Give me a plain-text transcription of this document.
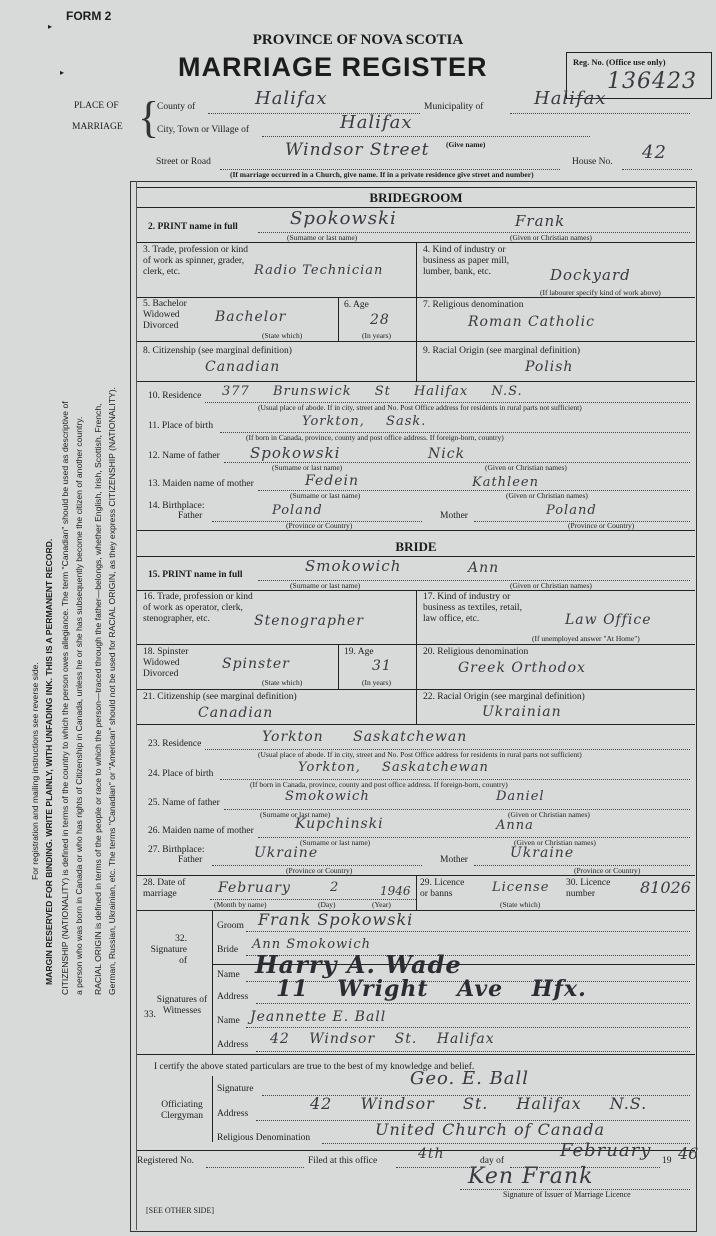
FORM 2
PROVINCE OF NOVA SCOTIA
MARRIAGE REGISTER	Reg. No. (Office use only)
136423
PLACE OF
MARRIAGE {
County of	Halifax	Municipality of	Halifax
City, Town or Village of	Halifax
(Give name)
Street or Road
Windsor Street
House No. 42
(If marriage occurred in a Church, give name. If in a private residence give street and number)
BRIDEGROOM
2. PRINT name in full	Spokowski	Frank
(Surname or last name)	(Given or Christian names)
3. Trade, profession or kind of work as spinner, grader, clerk, etc.	Radio Technician
4. Kind of industry or business as paper mill, lumber, bank, etc.	Dockyard
(If labourer specify kind of work above)
5. Bachelor Widowed Divorced
Bachelor
(State which)
6. Age
28
(In years)
7. Religious denomination
Roman Catholic
8. Citizenship (see marginal definition)
Canadian
9. Racial Origin (see marginal definition)
Polish
10. Residence 377 Brunswick St Halifax N.S.
(Usual place of abode. If in city, street and No. Post Office address for residents in rural parts not sufficient)
11. Place of birth	Yorkton, Sask.
(If born in Canada, province, county and post office address. If foreign-born, country)
12. Name of father Spokowski	Nick
(Surname or last name)	(Given or Christian names)
13. Maiden name of mother	Fedein	Kathleen
(Surname or last name)	(Given or Christian names)
14. Birthplace:
Father	Poland
(Province or Country)
Mother	Poland
(Province or Country)
BRIDE
15. PRINT name in full	Smokowich	Ann
(Surname or last name)	(Given or Christian names)
16. Trade, profession or kind of work as operator, clerk, stenographer, etc.	Stenographer
17. Kind of industry or business as textiles, retail, law office, etc.	Law Office
(If unemployed answer "At Home")
18. Spinster Widowed Divorced
Spinster
(State which)
19. Age
31
(In years)
20. Religious denomination
Greek Orthodox
21. Citizenship (see marginal definition)
Canadian
22. Racial Origin (see marginal definition)
Ukrainian
23. Residence	Yorkton Saskatchewan
(Usual place of abode. If in city, street and No. Post Office address for residents in rural parts not sufficient)
24. Place of birth	Yorkton, Saskatchewan
(If born in Canada, province, county and post office address. If foreign-born, country)
25. Name of father	Smokowich	Daniel
(Surname or last name)	(Given or Christian names)
26. Maiden name of mother	Kupchinski	Anna
(Surname or last name)	(Given or Christian names)
27. Birthplace:
Father	Ukraine
(Province or Country)
Mother	Ukraine
(Province or Country)
28. Date of marriage	February	2	1946
(Month by name)	(Day)	(Year)
29. Licence or banns	License
(State which)
30. Licence number	81026
32. Signature of
Groom Frank Spokowski
Bride Ann Smokowich
33.
Signatures of Witnesses
Name Harry A. Wade
Address 11 Wright Ave Hfx.
Name Jeannette E. Ball
Address 42 Windsor St. Halifax
I certify the above stated particulars are true to the best of my knowledge and belief.
Officiating Clergyman
Signature	Geo. E. Ball
Address
42 Windsor St. Halifax N.S.
Religious Denomination	United Church of Canada
Registered No.	Filed at this office	4th	day of	February 19 46
Ken Frank
Signature of Issuer of Marriage Licence
[SEE OTHER SIDE]
For registration and mailing instructions see reverse side. MARGIN RESERVED FOR BINDING. WRITE PLAINLY, WITH UNFADING INK. THIS IS A PERMANENT RECORD. CITIZENSHIP (NATIONALITY) is defined in terms of the country to which the person owes allegiance. The term "Canadian" should be used as descriptive of a person who was born in Canada or who has rights of Citizenship in Canada, unless he or she has subsequently become the citizen of another country. RACIAL ORIGIN is defined in terms of the people or race to which the person—traced through the father—belongs, whether English, Irish, Scottish, French, German, Russian, Ukrainian, etc. The terms "Canadian" or "American" should not be used for RACIAL ORIGIN, as they express CITIZENSHIP (NATIONALITY).
▸
▸
